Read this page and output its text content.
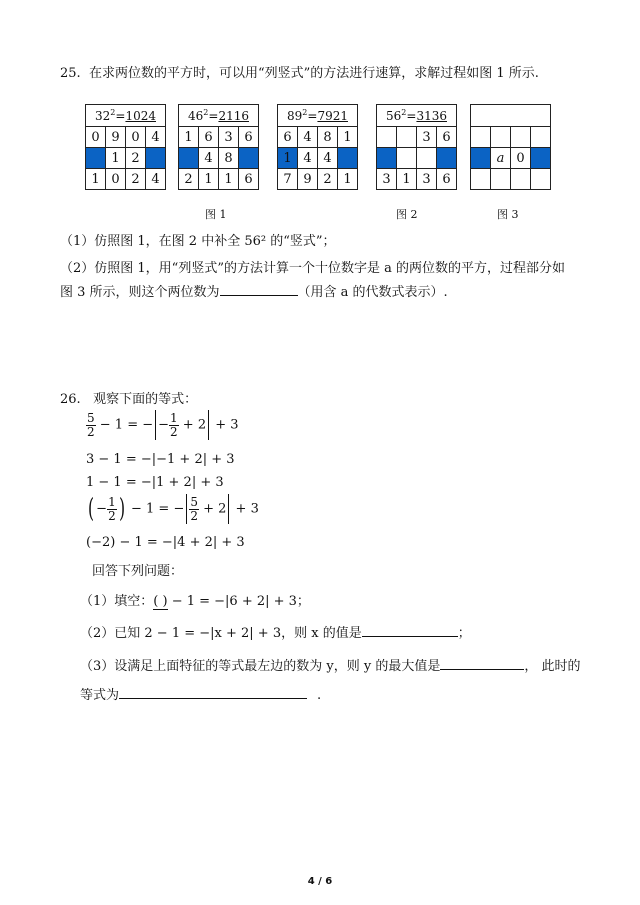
25. 在求两位数的平方时，可以用“列竖式”的方法进行速算，求解过程如图 1 所示.
$32^2=1024$			
0	9	0	4
	1	2	
1	0	2	4
$46^2=2116$			
1	6	3	6
	4	8	
2	1	1	6
$89^2=7921$			
6	4	8	1
1	4	4	
7	9	2	1
$56^2=3136$			
		3	6

3	1	3	6

	a	0	

图 1	图 2	图 3
（1）仿照图 1，在图 2 中补全 56² 的“竖式”；
（2）仿照图 1，用“列竖式”的方法计算一个十位数字是 a 的两位数的平方，过程部分如
图 3 所示，则这个两位数为	（用含 a 的代数式表示）.
26. 观察下面的等式：
$\frac{5}{2} - 1$ = − − $\frac{1}{2} + 2 + 3$
3 − 1 = −|−1 + 2| + 3
1 − 1 = −|1 + 2| + 3
( − $\frac{1}{2}$ ) − 1 = − $\frac{5}{2} + 2 + 3$
(−2) − 1 = −|4 + 2| + 3
回答下列问题：
（1）填空：( ) − 1 = −|6 + 2| + 3；
（2）已知 2 − 1 = −|x + 2| + 3，则 x 的值是	；
（3）设满足上面特征的等式最左边的数为 y，则 y 的最大值是	， 此时的
等式为	.
4 / 6
